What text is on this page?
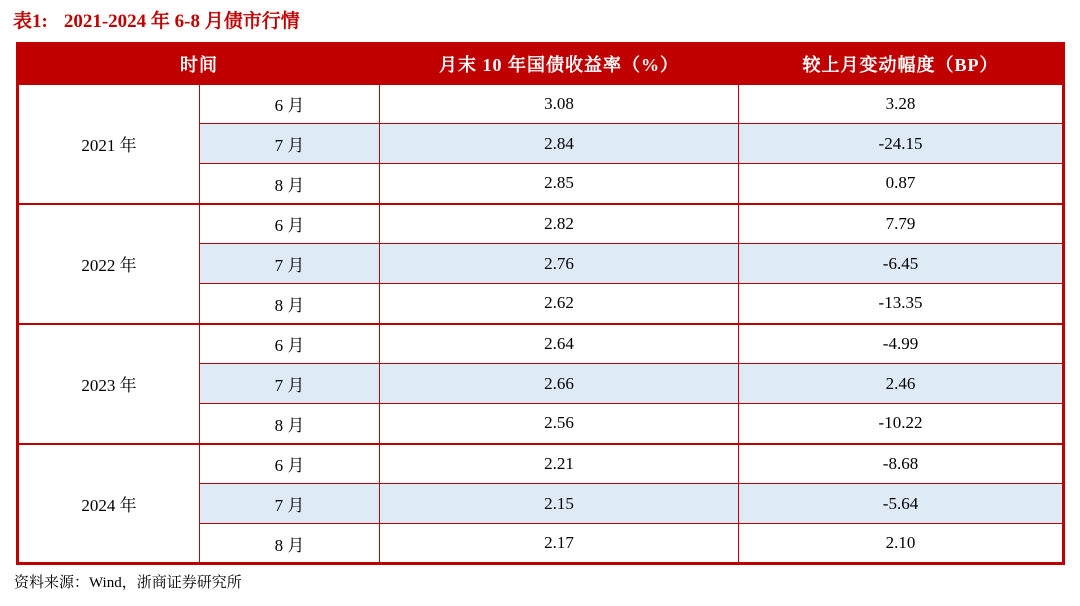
表1: 2021-2024 年 6-8 月债市行情
时间		月末 10 年国债收益率（%）	较上月变动幅度（BP）
2021 年	6 月	3.08	3.28
	7 月	2.84	-24.15
	8 月	2.85	0.87
2022 年	6 月	2.82	7.79
	7 月	2.76	-6.45
	8 月	2.62	-13.35
2023 年	6 月	2.64	-4.99
	7 月	2.66	2.46
	8 月	2.56	-10.22
2024 年	6 月	2.21	-8.68
	7 月	2.15	-5.64
	8 月	2.17	2.10
资料来源：Wind，浙商证券研究所
